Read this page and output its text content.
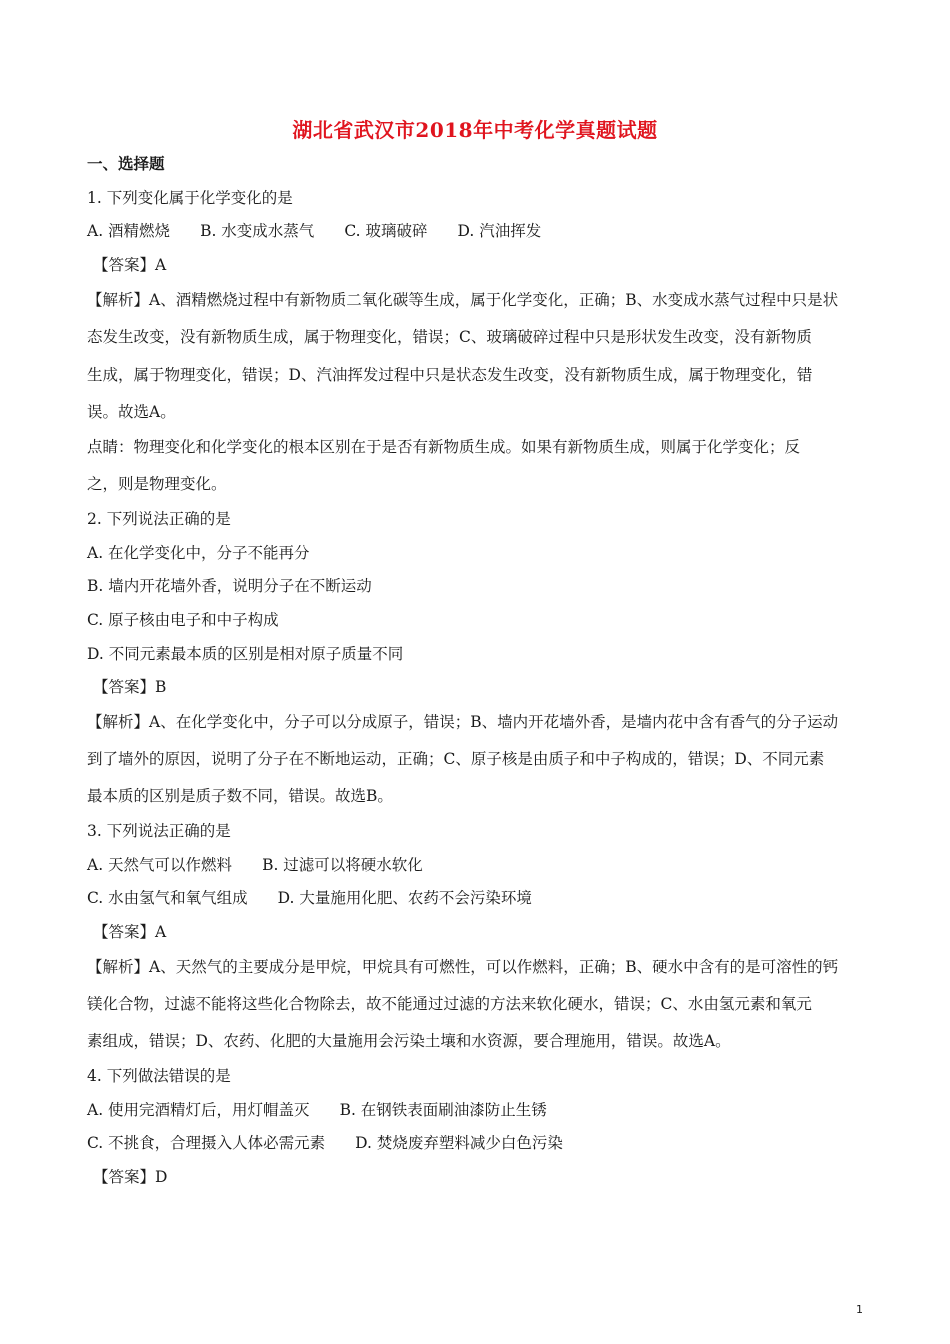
湖北省武汉市2018年中考化学真题试题
一、选择题
1. 下列变化属于化学变化的是
A. 酒精燃烧 B. 水变成水蒸气 C. 玻璃破碎 D. 汽油挥发
【答案】A
【解析】A、酒精燃烧过程中有新物质二氧化碳等生成，属于化学变化，正确；B、水变成水蒸气过程中只是状
态发生改变，没有新物质生成，属于物理变化，错误；C、玻璃破碎过程中只是形状发生改变，没有新物质
生成，属于物理变化，错误；D、汽油挥发过程中只是状态发生改变，没有新物质生成，属于物理变化，错
误。故选A。
点睛：物理变化和化学变化的根本区别在于是否有新物质生成。如果有新物质生成，则属于化学变化；反
之，则是物理变化。
2. 下列说法正确的是
A. 在化学变化中，分子不能再分
B. 墙内开花墙外香，说明分子在不断运动
C. 原子核由电子和中子构成
D. 不同元素最本质的区别是相对原子质量不同
【答案】B
【解析】A、在化学变化中，分子可以分成原子，错误；B、墙内开花墙外香，是墙内花中含有香气的分子运动
到了墙外的原因，说明了分子在不断地运动，正确；C、原子核是由质子和中子构成的，错误；D、不同元素
最本质的区别是质子数不同，错误。故选B。
3. 下列说法正确的是
A. 天然气可以作燃料 B. 过滤可以将硬水软化
C. 水由氢气和氧气组成 D. 大量施用化肥、农药不会污染环境
【答案】A
【解析】A、天然气的主要成分是甲烷，甲烷具有可燃性，可以作燃料，正确；B、硬水中含有的是可溶性的钙
镁化合物，过滤不能将这些化合物除去，故不能通过过滤的方法来软化硬水，错误；C、水由氢元素和氧元
素组成，错误；D、农药、化肥的大量施用会污染土壤和水资源，要合理施用，错误。故选A。
4. 下列做法错误的是
A. 使用完酒精灯后，用灯帽盖灭 B. 在钢铁表面刷油漆防止生锈
C. 不挑食，合理摄入人体必需元素 D. 焚烧废弃塑料减少白色污染
【答案】D
1
